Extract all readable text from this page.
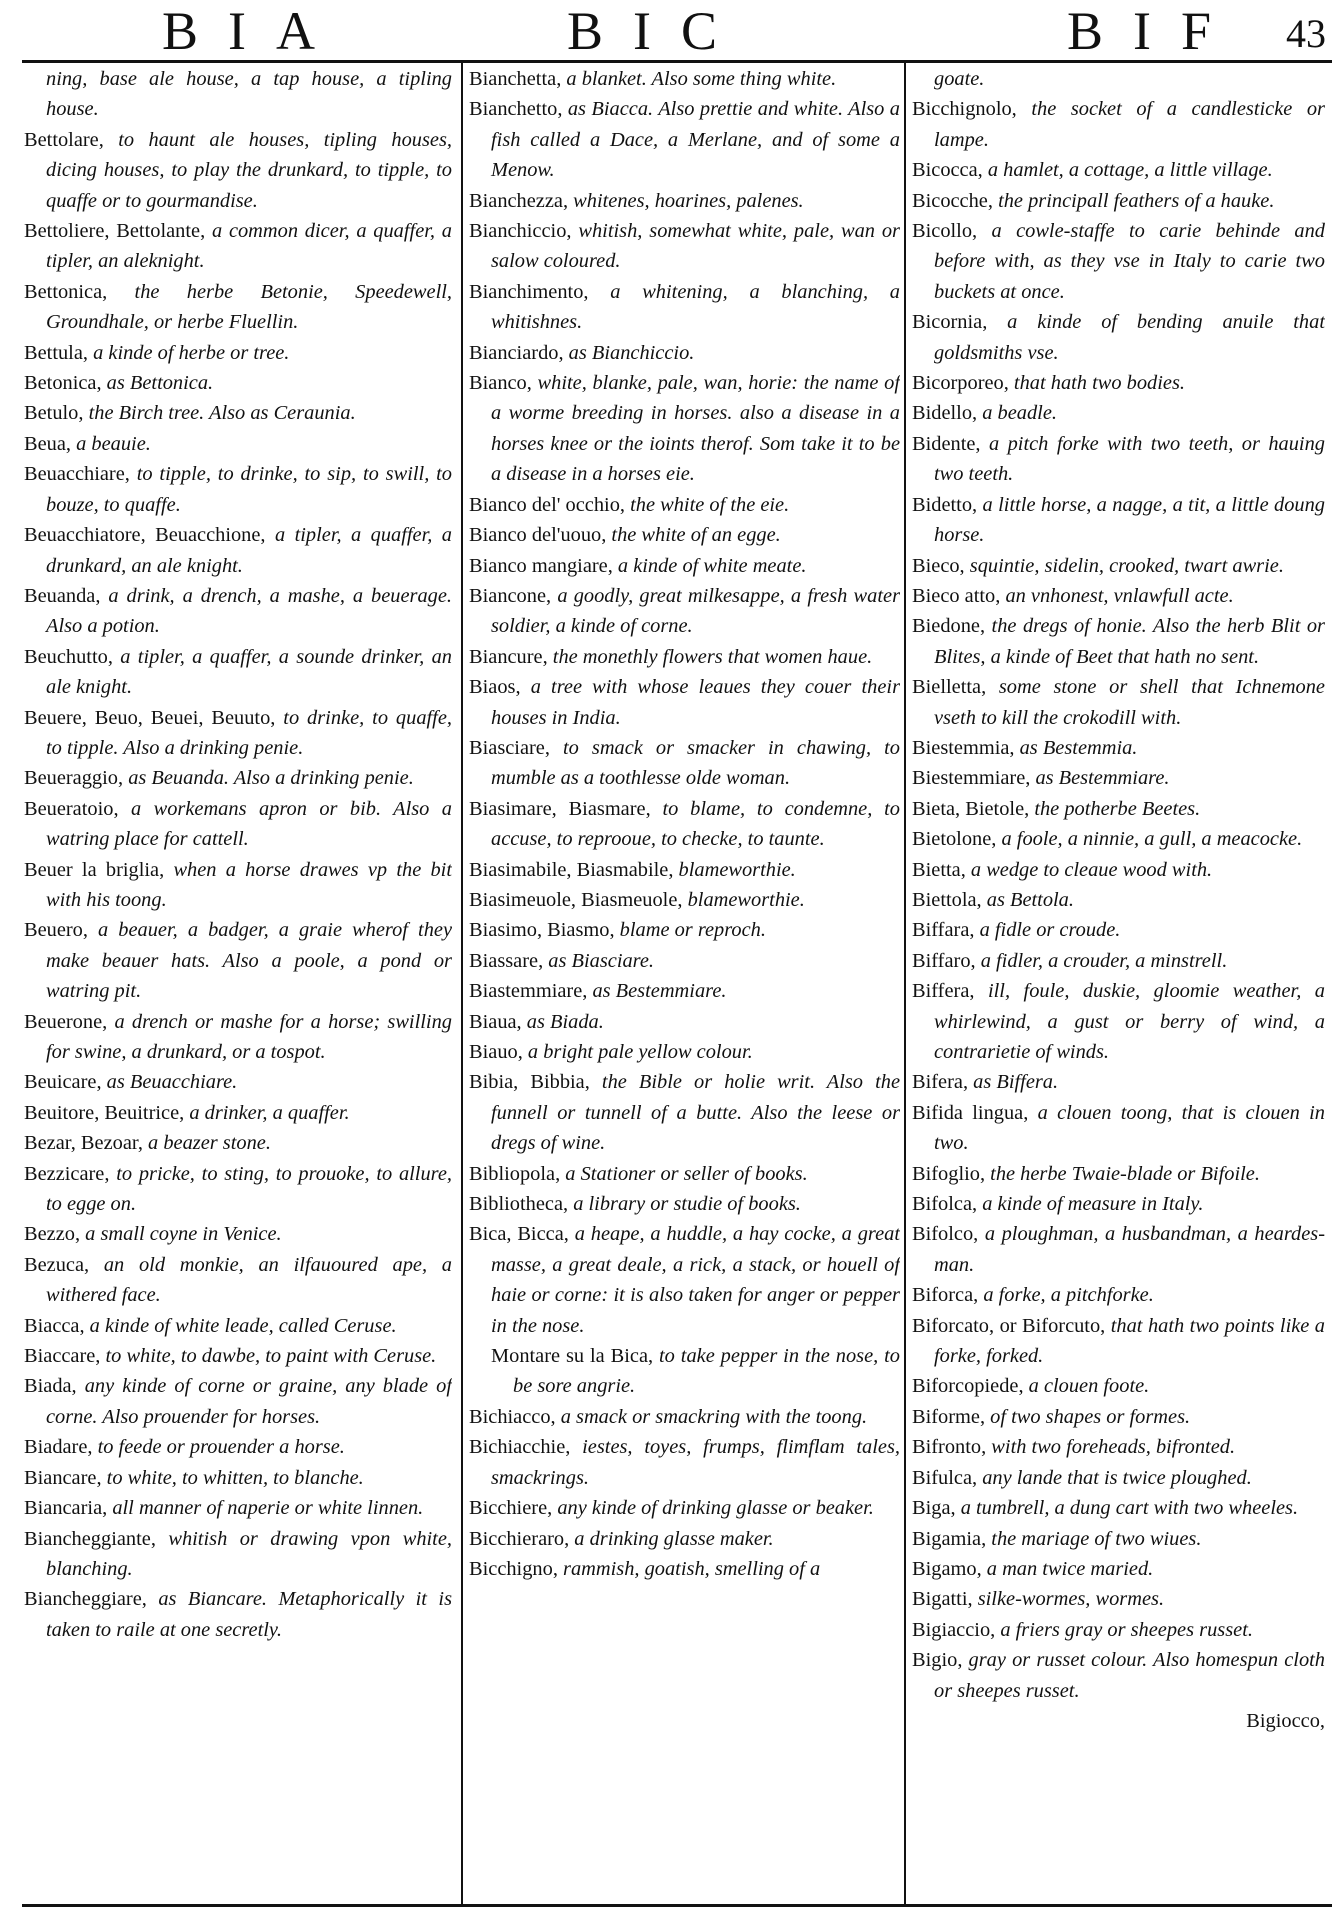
BIA	BIC	BIF 43

ning, base ale house, a tap house, a tipling house.

Bettolare, to haunt ale houses, tipling houses, dicing houses, to play the drunkard, to tipple, to quaffe or to gourmandise.

Bettoliere, Bettolante, a common dicer, a quaffer, a tipler, an aleknight.

Bettonica, the herbe Betonie, Speedewell, Groundhale, or herbe Fluellin.

Bettula, a kinde of herbe or tree.

Betonica, as Bettonica.

Betulo, the Birch tree. Also as Ceraunia.

Beua, a beauie.

Beuacchiare, to tipple, to drinke, to sip, to swill, to bouze, to quaffe.

Beuacchiatore, Beuacchione, a tipler, a quaffer, a drunkard, an ale knight.

Beuanda, a drink, a drench, a mashe, a beuerage. Also a potion.

Beuchutto, a tipler, a quaffer, a sounde drinker, an ale knight.

Beuere, Beuo, Beuei, Beuuto, to drinke, to quaffe, to tipple. Also a drinking penie.

Beueraggio, as Beuanda. Also a drinking penie.

Beueratoio, a workemans apron or bib. Also a watring place for cattell.

Beuer la briglia, when a horse drawes vp the bit with his toong.

Beuero, a beauer, a badger, a graie wherof they make beauer hats. Also a poole, a pond or watring pit.

Beuerone, a drench or mashe for a horse; swilling for swine, a drunkard, or a tospot.

Beuicare, as Beuacchiare.

Beuitore, Beuitrice, a drinker, a quaffer.

Bezar, Bezoar, a beazer stone.

Bezzicare, to pricke, to sting, to prouoke, to allure, to egge on.

Bezzo, a small coyne in Venice.

Bezuca, an old monkie, an ilfauoured ape, a withered face.

Biacca, a kinde of white leade, called Ceruse.

Biaccare, to white, to dawbe, to paint with Ceruse.

Biada, any kinde of corne or graine, any blade of corne. Also prouender for horses.

Biadare, to feede or prouender a horse.

Biancare, to white, to whitten, to blanche.

Biancaria, all manner of naperie or white linnen.

Biancheggiante, whitish or drawing vpon white, blanching.

Biancheggiare, as Biancare. Metaphorically it is taken to raile at one secretly.

Bianchetta, a blanket. Also some thing white.

Bianchetto, as Biacca. Also prettie and white. Also a fish called a Dace, a Merlane, and of some a Menow.

Bianchezza, whitenes, hoarines, palenes.

Bianchiccio, whitish, somewhat white, pale, wan or salow coloured.

Bianchimento, a whitening, a blanching, a whitishnes.

Bianciardo, as Bianchiccio.

Bianco, white, blanke, pale, wan, horie: the name of a worme breeding in horses. also a disease in a horses knee or the ioints therof. Som take it to be a disease in a horses eie.

Bianco del' occhio, the white of the eie.

Bianco del'uouo, the white of an egge.

Bianco mangiare, a kinde of white meate.

Biancone, a goodly, great milkesappe, a fresh water soldier, a kinde of corne.

Biancure, the monethly flowers that women haue.

Biaos, a tree with whose leaues they couer their houses in India.

Biasciare, to smack or smacker in chawing, to mumble as a toothlesse olde woman.

Biasimare, Biasmare, to blame, to condemne, to accuse, to reprooue, to checke, to taunte.

Biasimabile, Biasmabile, blameworthie.

Biasimeuole, Biasmeuole, blameworthie.

Biasimo, Biasmo, blame or reproch.

Biassare, as Biasciare.

Biastemmiare, as Bestemmiare.

Biaua, as Biada.

Biauo, a bright pale yellow colour.

Bibia, Bibbia, the Bible or holie writ. Also the funnell or tunnell of a butte. Also the leese or dregs of wine.

Bibliopola, a Stationer or seller of books.

Bibliotheca, a library or studie of books.

Bica, Bicca, a heape, a huddle, a hay cocke, a great masse, a great deale, a rick, a stack, or houell of haie or corne: it is also taken for anger or pepper in the nose.

Montare su la Bica, to take pepper in the nose, to be sore angrie.

Bichiacco, a smack or smackring with the toong.

Bichiacchie, iestes, toyes, frumps, flimflam tales, smackrings.

Bicchiere, any kinde of drinking glasse or beaker.

Bicchieraro, a drinking glasse maker.

Bicchigno, rammish, goatish, smelling of a

goate.

Bicchignolo, the socket of a candlesticke or lampe.

Bicocca, a hamlet, a cottage, a little village.

Bicocche, the principall feathers of a hauke.

Bicollo, a cowle-staffe to carie behinde and before with, as they vse in Italy to carie two buckets at once.

Bicornia, a kinde of bending anuile that goldsmiths vse.

Bicorporeo, that hath two bodies.

Bidello, a beadle.

Bidente, a pitch forke with two teeth, or hauing two teeth.

Bidetto, a little horse, a nagge, a tit, a little doung horse.

Bieco, squintie, sidelin, crooked, twart awrie.

Bieco atto, an vnhonest, vnlawfull acte.

Biedone, the dregs of honie. Also the herb Blit or Blites, a kinde of Beet that hath no sent.

Bielletta, some stone or shell that Ichnemone vseth to kill the crokodill with.

Biestemmia, as Bestemmia.

Biestemmiare, as Bestemmiare.

Bieta, Bietole, the potherbe Beetes.

Bietolone, a foole, a ninnie, a gull, a meacocke.

Bietta, a wedge to cleaue wood with.

Biettola, as Bettola.

Biffara, a fidle or croude.

Biffaro, a fidler, a crouder, a minstrell.

Biffera, ill, foule, duskie, gloomie weather, a whirlewind, a gust or berry of wind, a contrarietie of winds.

Bifera, as Biffera.

Bifida lingua, a clouen toong, that is clouen in two.

Bifoglio, the herbe Twaie-blade or Bifoile.

Bifolca, a kinde of measure in Italy.

Bifolco, a ploughman, a husbandman, a heardes-man.

Biforca, a forke, a pitchforke.

Biforcato, or Biforcuto, that hath two points like a forke, forked.

Biforcopiede, a clouen foote.

Biforme, of two shapes or formes.

Bifronto, with two foreheads, bifronted.

Bifulca, any lande that is twice ploughed.

Biga, a tumbrell, a dung cart with two wheeles.

Bigamia, the mariage of two wiues.

Bigamo, a man twice maried.

Bigatti, silke-wormes, wormes.

Bigiaccio, a friers gray or sheepes russet.

Bigio, gray or russet colour. Also homespun cloth or sheepes russet.

Bigiocco,
